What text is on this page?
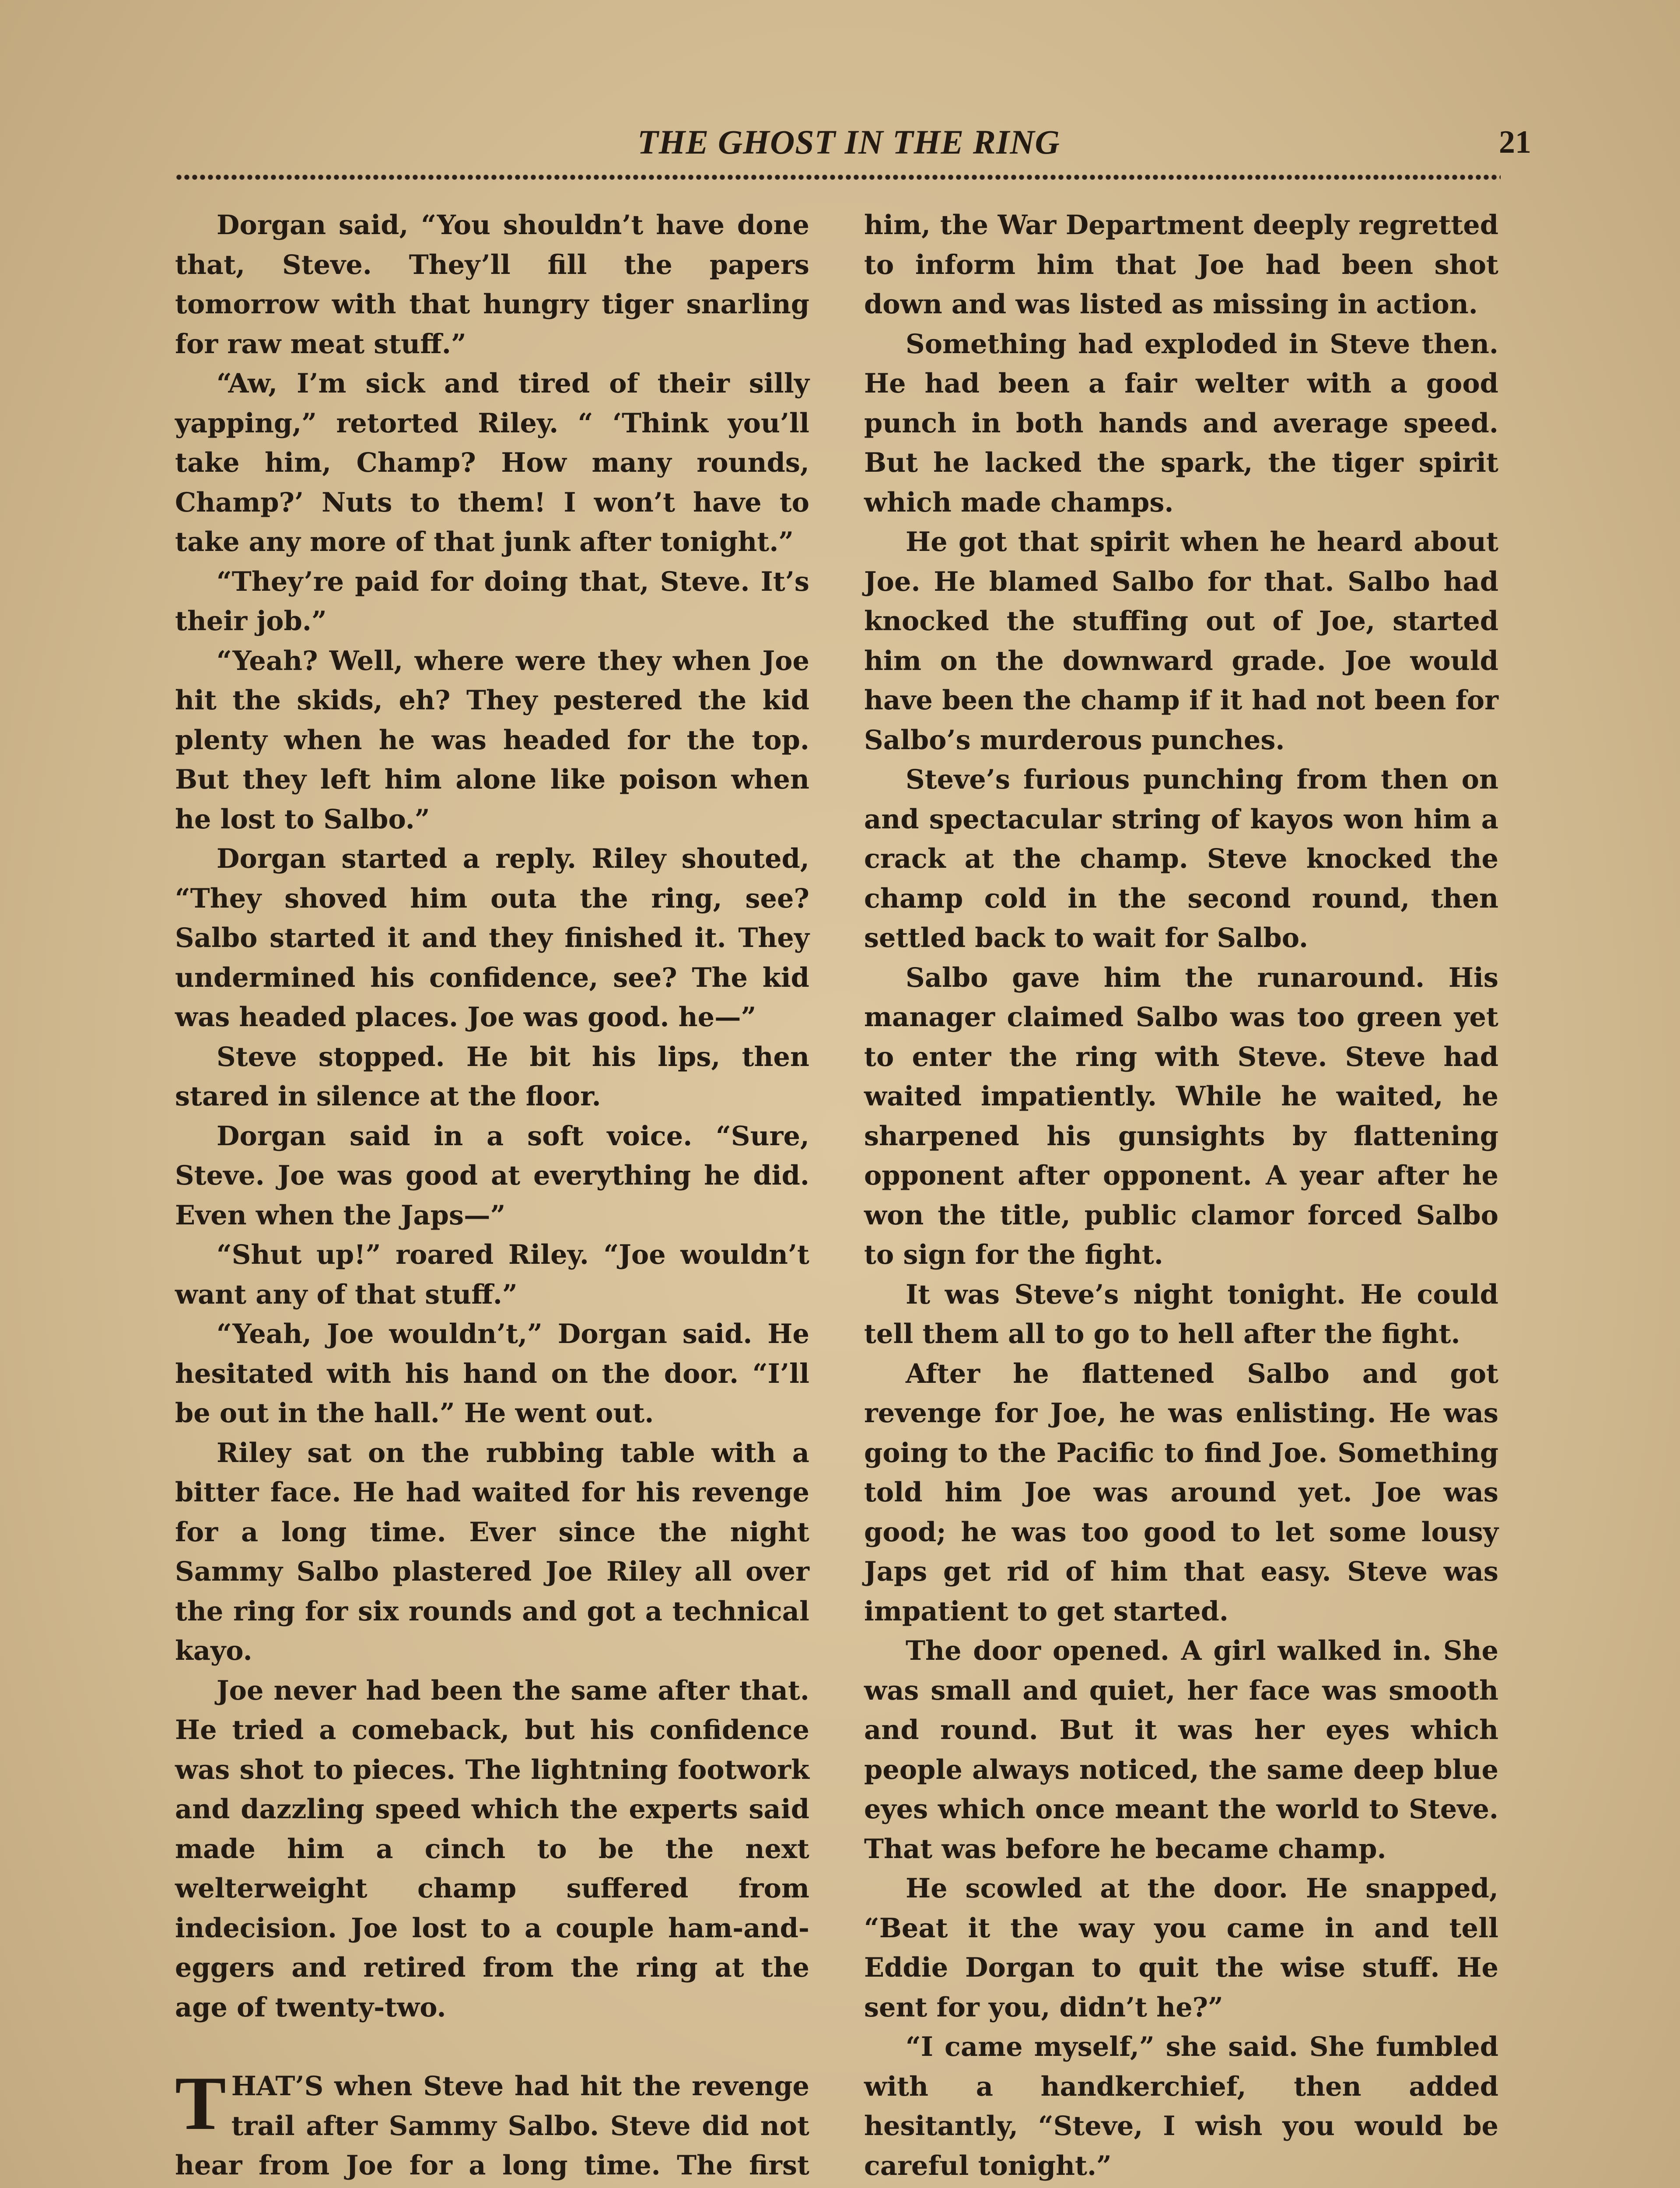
THE GHOST IN THE RING	21

Dorgan said, “You shouldn’t have done that, Steve. They’ll fill the papers tomorrow with that hungry tiger snarling for raw meat stuff.”

“Aw, I’m sick and tired of their silly yapping,” retorted Riley. “ ‘Think you’ll take him, Champ? How many rounds, Champ?’ Nuts to them! I won’t have to take any more of that junk after tonight.”

“They’re paid for doing that, Steve. It’s their job.”

“Yeah? Well, where were they when Joe hit the skids, eh? They pestered the kid plenty when he was headed for the top. But they left him alone like poison when he lost to Salbo.”

Dorgan started a reply. Riley shouted, “They shoved him outa the ring, see? Salbo started it and they finished it. They undermined his confidence, see? The kid was headed places. Joe was good. he—”

Steve stopped. He bit his lips, then stared in silence at the floor.

Dorgan said in a soft voice. “Sure, Steve. Joe was good at everything he did. Even when the Japs—”

“Shut up!” roared Riley. “Joe wouldn’t want any of that stuff.”

“Yeah, Joe wouldn’t,” Dorgan said. He hesitated with his hand on the door. “I’ll be out in the hall.” He went out.

Riley sat on the rubbing table with a bitter face. He had waited for his revenge for a long time. Ever since the night Sammy Salbo plastered Joe Riley all over the ring for six rounds and got a technical kayo.

Joe never had been the same after that. He tried a comeback, but his confidence was shot to pieces. The lightning footwork and dazzling speed which the experts said made him a cinch to be the next welterweight champ suffered from indecision. Joe lost to a couple ham-and-eggers and retired from the ring at the age of twenty-two.

THAT’S when Steve had hit the revenge trail after Sammy Salbo. Steve did not hear from Joe for a long time. The first

him, the War Department deeply regretted to inform him that Joe had been shot down and was listed as missing in action.

Something had exploded in Steve then. He had been a fair welter with a good punch in both hands and average speed. But he lacked the spark, the tiger spirit which made champs.

He got that spirit when he heard about Joe. He blamed Salbo for that. Salbo had knocked the stuffing out of Joe, started him on the downward grade. Joe would have been the champ if it had not been for Salbo’s murderous punches.

Steve’s furious punching from then on and spectacular string of kayos won him a crack at the champ. Steve knocked the champ cold in the second round, then settled back to wait for Salbo.

Salbo gave him the runaround. His manager claimed Salbo was too green yet to enter the ring with Steve. Steve had waited impatiently. While he waited, he sharpened his gunsights by flattening opponent after opponent. A year after he won the title, public clamor forced Salbo to sign for the fight.

It was Steve’s night tonight. He could tell them all to go to hell after the fight.

After he flattened Salbo and got revenge for Joe, he was enlisting. He was going to the Pacific to find Joe. Something told him Joe was around yet. Joe was good; he was too good to let some lousy Japs get rid of him that easy. Steve was impatient to get started.

The door opened. A girl walked in. She was small and quiet, her face was smooth and round. But it was her eyes which people always noticed, the same deep blue eyes which once meant the world to Steve. That was before he became champ.

He scowled at the door. He snapped, “Beat it the way you came in and tell Eddie Dorgan to quit the wise stuff. He sent for you, didn’t he?”

“I came myself,” she said. She fumbled with a handkerchief, then added hesitantly, “Steve, I wish you would be careful tonight.”
